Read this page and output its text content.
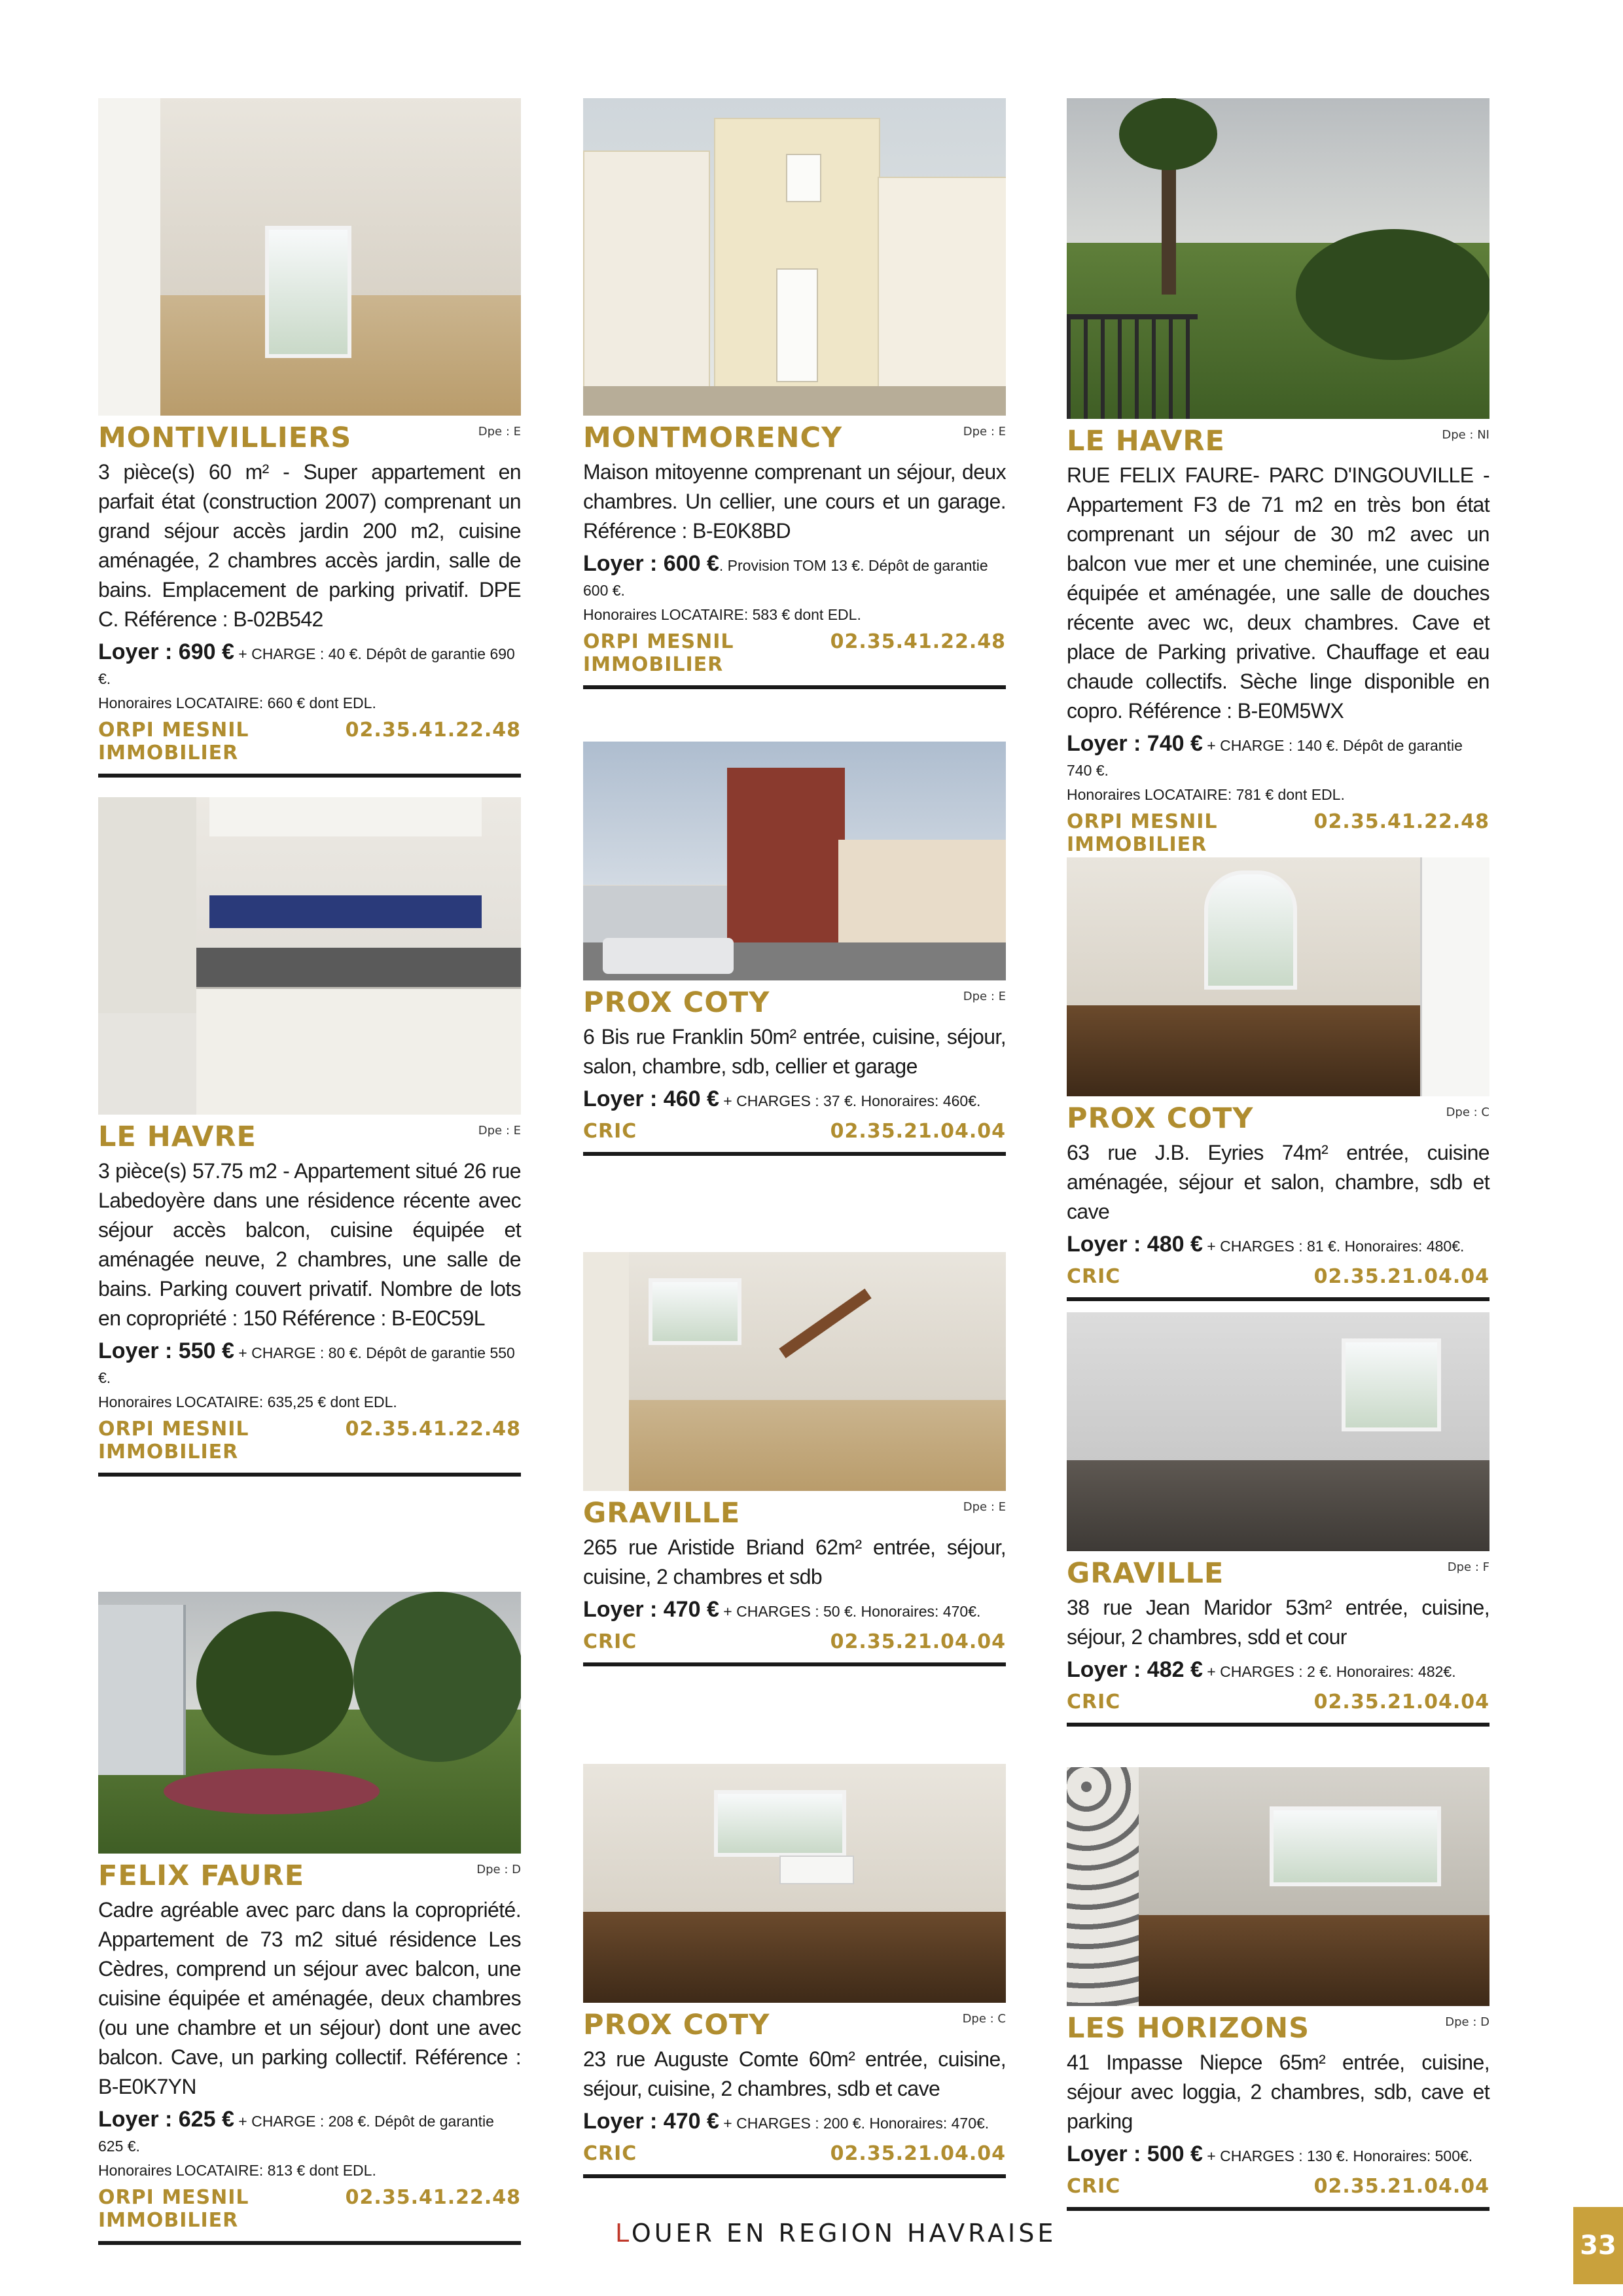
MONTIVILLIERS	Dpe : E
3 pièce(s) 60 m² - Super appartement en parfait état (construction 2007) comprenant un grand séjour accès jardin 200 m2, cuisine aménagée, 2 chambres accès jardin, salle de bains. Emplacement de parking privatif. DPE C. Référence : B-02B542
Loyer : 690 € + CHARGE : 40 €. Dépôt de garantie 690 €.
Honoraires LOCATAIRE: 660 € dont EDL.
ORPI MESNIL IMMOBILIER
02.35.41.22.48
LE HAVRE	Dpe : E
3 pièce(s) 57.75 m2 - Appartement situé 26 rue Labedoyère dans une résidence récente avec séjour accès balcon, cuisine équipée et aménagée neuve, 2 chambres, une salle de bains. Parking couvert privatif. Nombre de lots en copropriété : 150 Référence : B-E0C59L
Loyer : 550 € + CHARGE : 80 €. Dépôt de garantie 550 €.
Honoraires LOCATAIRE: 635,25 € dont EDL.
ORPI MESNIL IMMOBILIER
02.35.41.22.48
FELIX FAURE	Dpe : D
Cadre agréable avec parc dans la copropriété. Appartement de 73 m2 situé résidence Les Cèdres, comprend un séjour avec balcon, une cuisine équipée et aménagée, deux chambres (ou une chambre et un séjour) dont une avec balcon. Cave, un parking collectif. Référence : B-E0K7YN
Loyer : 625 € + CHARGE : 208 €. Dépôt de garantie 625 €.
Honoraires LOCATAIRE: 813 € dont EDL.
ORPI MESNIL IMMOBILIER
02.35.41.22.48
MONTMORENCY	Dpe : E
Maison mitoyenne comprenant un séjour, deux chambres. Un cellier, une cours et un garage. Référence : B-E0K8BD
Loyer : 600 €. Provision TOM 13 €. Dépôt de garantie 600 €.
Honoraires LOCATAIRE: 583 € dont EDL.
ORPI MESNIL IMMOBILIER
02.35.41.22.48
PROX COTY	Dpe : E
6 Bis rue Franklin 50m² entrée, cuisine, séjour, salon, chambre, sdb, cellier et garage
Loyer : 460 € + CHARGES : 37 €. Honoraires: 460€.
CRIC	02.35.21.04.04
GRAVILLE	Dpe : E
265 rue Aristide Briand 62m² entrée, séjour, cuisine, 2 chambres et sdb
Loyer : 470 € + CHARGES : 50 €. Honoraires: 470€.
CRIC	02.35.21.04.04
PROX COTY	Dpe : C
23 rue Auguste Comte 60m² entrée, cuisine, séjour, cuisine, 2 chambres, sdb et cave
Loyer : 470 € + CHARGES : 200 €. Honoraires: 470€.
CRIC	02.35.21.04.04
LE HAVRE	Dpe : NI
RUE FELIX FAURE- PARC D'INGOUVILLE - Appartement F3 de 71 m2 en très bon état comprenant un séjour de 30 m2 avec un balcon vue mer et une cheminée, une cuisine équipée et aménagée, une salle de douches récente avec wc, deux chambres. Cave et place de Parking privative. Chauffage et eau chaude collectifs. Sèche linge disponible en copro. Référence : B-E0M5WX
Loyer : 740 € + CHARGE : 140 €. Dépôt de garantie 740 €.
Honoraires LOCATAIRE: 781 € dont EDL.
ORPI MESNIL IMMOBILIER
02.35.41.22.48
PROX COTY	Dpe : C
63 rue J.B. Eyries 74m² entrée, cuisine aménagée, séjour et salon, chambre, sdb et cave
Loyer : 480 € + CHARGES : 81 €. Honoraires: 480€.
CRIC	02.35.21.04.04
GRAVILLE	Dpe : F
38 rue Jean Maridor 53m² entrée, cuisine, séjour, 2 chambres, sdd et cour
Loyer : 482 € + CHARGES : 2 €. Honoraires: 482€.
CRIC	02.35.21.04.04
LES HORIZONS	Dpe : D
41 Impasse Niepce 65m² entrée, cuisine, séjour avec loggia, 2 chambres, sdb, cave et parking
Loyer : 500 € + CHARGES : 130 €. Honoraires: 500€.
CRIC	02.35.21.04.04
LOUER EN REGION HAVRAISE	33
